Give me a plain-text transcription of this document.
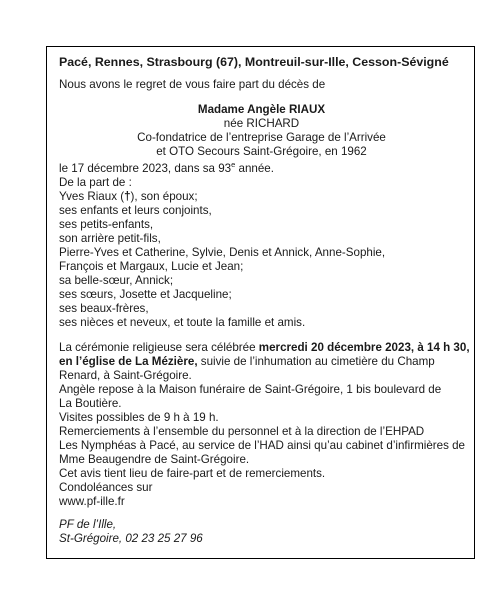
Pacé, Rennes, Strasbourg (67), Montreuil-sur-Ille, Cesson-Sévigné
Nous avons le regret de vous faire part du décès de
Madame Angèle RIAUX
née RICHARD
Co-fondatrice de l’entreprise Garage de l’Arrivée
et OTO Secours Saint-Grégoire, en 1962
le 17 décembre 2023, dans sa 93e année.
De la part de :
Yves Riaux (†), son époux;
ses enfants et leurs conjoints,
ses petits-enfants,
son arrière petit-fils,
Pierre-Yves et Catherine, Sylvie, Denis et Annick, Anne-Sophie,
François et Margaux, Lucie et Jean;
sa belle-sœur, Annick;
ses sœurs, Josette et Jacqueline;
ses beaux-frères,
ses nièces et neveux, et toute la famille et amis.
La cérémonie religieuse sera célébrée mercredi 20 décembre 2023, à 14 h 30,
en l’église de La Mézière, suivie de l’inhumation au cimetière du Champ
Renard, à Saint-Grégoire.
Angèle repose à la Maison funéraire de Saint-Grégoire, 1 bis boulevard de
La Boutière.
Visites possibles de 9 h à 19 h.
Remerciements à l’ensemble du personnel et à la direction de l’EHPAD
Les Nymphéas à Pacé, au service de l’HAD ainsi qu’au cabinet d’infirmières de
Mme Beaugendre de Saint-Grégoire.
Cet avis tient lieu de faire-part et de remerciements.
Condoléances sur
www.pf-ille.fr
PF de l’Ille,
St-Grégoire, 02 23 25 27 96
